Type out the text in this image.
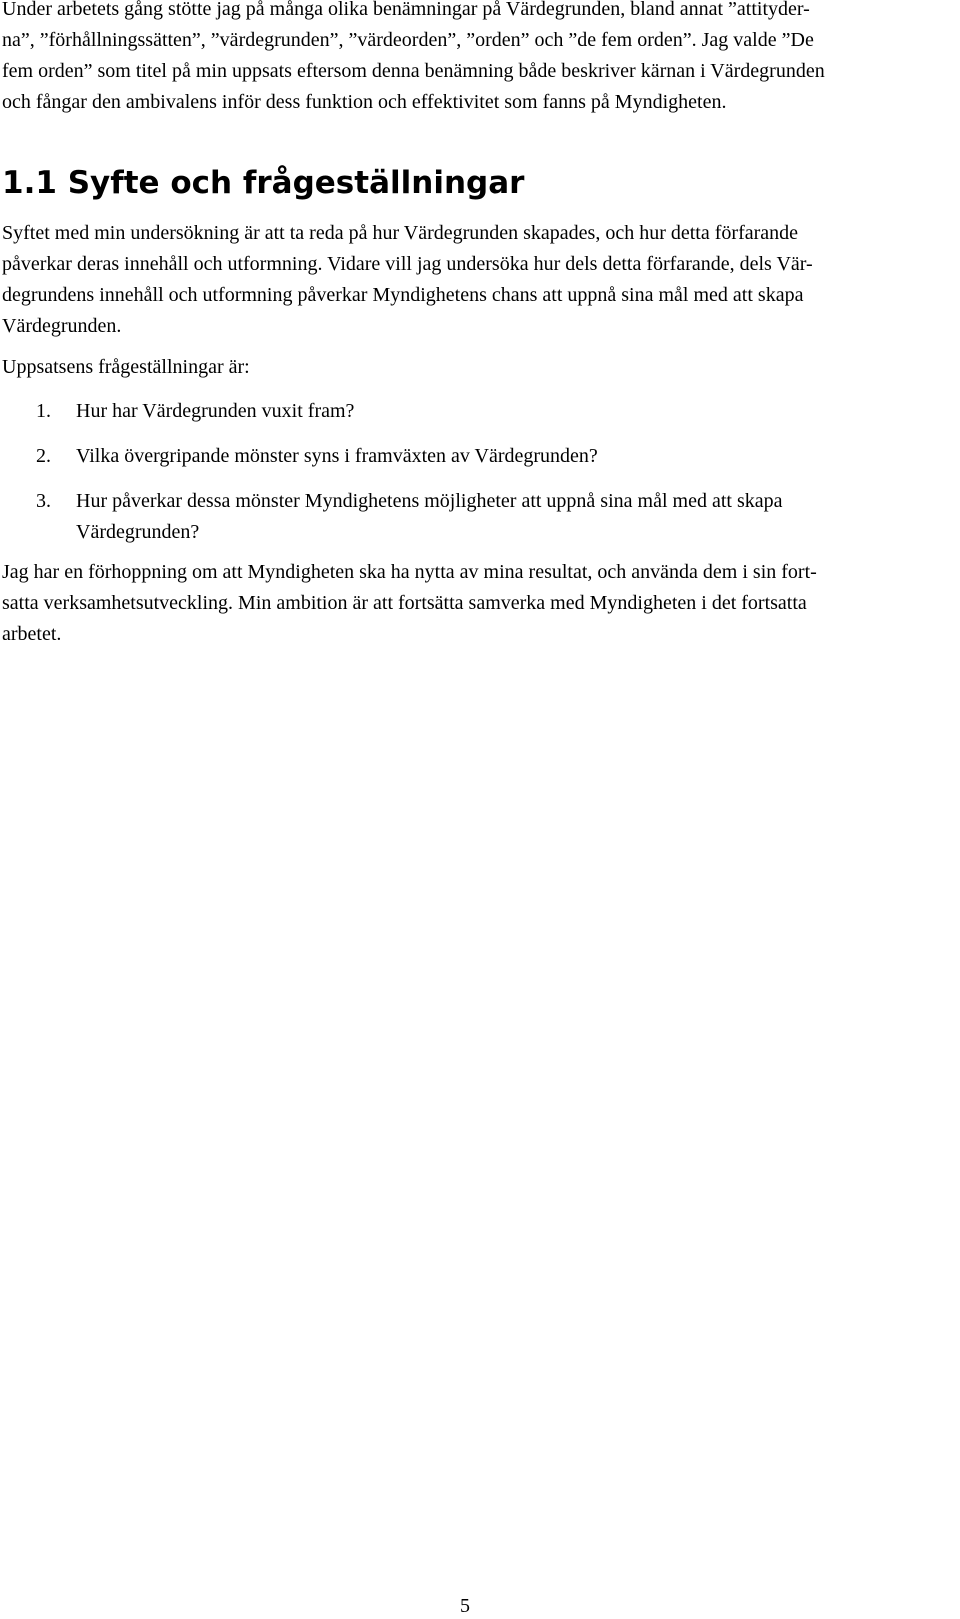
Under arbetets gång stötte jag på många olika benämningar på Värdegrunden, bland annat ”attityder-
na”, ”förhållningssätten”, ”värdegrunden”, ”värdeorden”, ”orden” och ”de fem orden”. Jag valde ”De
fem orden” som titel på min uppsats eftersom denna benämning både beskriver kärnan i Värdegrunden
och fångar den ambivalens inför dess funktion och effektivitet som fanns på Myndigheten.

1.1 Syfte och frågeställningar

Syftet med min undersökning är att ta reda på hur Värdegrunden skapades, och hur detta förfarande
påverkar deras innehåll och utformning. Vidare vill jag undersöka hur dels detta förfarande, dels Vär-
degrundens innehåll och utformning påverkar Myndighetens chans att uppnå sina mål med att skapa
Värdegrunden.

Uppsatsens frågeställningar är:

1. Hur har Värdegrunden vuxit fram?
2. Vilka övergripande mönster syns i framväxten av Värdegrunden?
3. Hur påverkar dessa mönster Myndighetens möjligheter att uppnå sina mål med att skapa
Värdegrunden?

Jag har en förhoppning om att Myndigheten ska ha nytta av mina resultat, och använda dem i sin fort-
satta verksamhetsutveckling. Min ambition är att fortsätta samverka med Myndigheten i det fortsatta
arbetet.

5
